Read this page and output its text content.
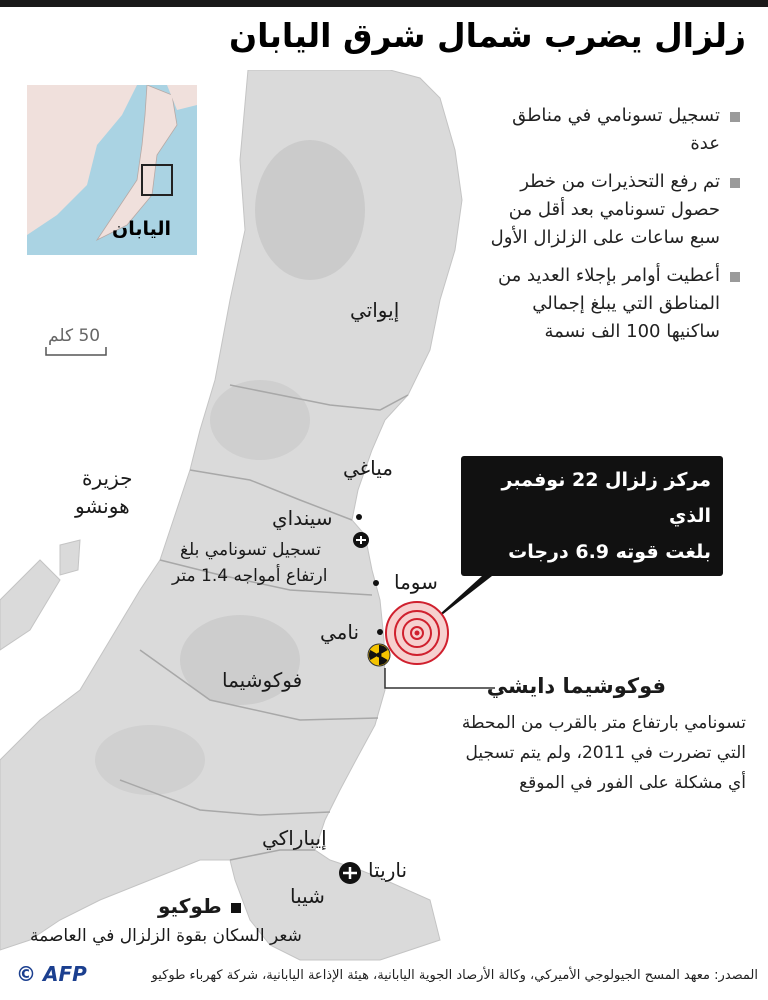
زلزال يضرب شمال شرق اليابان
اليابان
تسجيل تسونامي في مناطق عدة
تم رفع التحذيرات من خطر حصول تسونامي بعد أقل من سبع ساعات على الزلزال الأول
أعطيت أوامر بإجلاء العديد من المناطق التي يبلغ إجمالي ساكنيها 100 الف نسمة
50 كلم
إيواتي
مياغي
فوكوشيما
إيباراكي
شيبا
جزيرة
هونشو	سينداي
تسجيل تسونامي بلغ
ارتفاع أمواجه 1.4 متر	سوما
نامي
ناريتا
طوكيو
شعر السكان بقوة الزلزال في العاصمة
مركز زلزال 22 نوفمبر الذي
بلغت قوته 6.9 درجات
على عمق 25 كلم
فوكوشيما دايشي
تسونامي بارتفاع متر بالقرب من المحطة التي تضررت في 2011، ولم يتم تسجيل أي مشكلة على الفور في الموقع
المصدر: معهد المسح الجيولوجي الأميركي، وكالة الأرصاد الجوية اليابانية، هيئة الإذاعة اليابانية، شركة كهرباء طوكيو
© AFP
